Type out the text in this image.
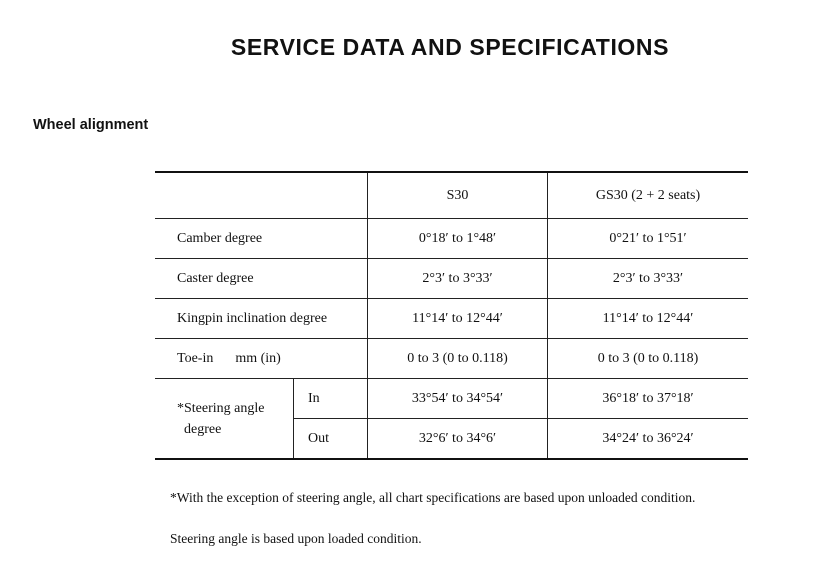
SERVICE DATA AND SPECIFICATIONS
Wheel alignment
		S30	GS30 (2 + 2 seats)
Camber degree		0°18′ to 1°48′	0°21′ to 1°51′
Caster degree		2°3′ to 3°33′	2°3′ to 3°33′
Kingpin inclination degree		11°14′ to 12°44′	11°14′ to 12°44′
Toe-in mm (in)		0 to 3 (0 to 0.118)	0 to 3 (0 to 0.118)
*Steering angle
degree	In	33°54′ to 34°54′	36°18′ to 37°18′
	Out	32°6′ to 34°6′	34°24′ to 36°24′

*With the exception of steering angle, all chart specifications are based upon unloaded condition.

Steering angle is based upon loaded condition.
